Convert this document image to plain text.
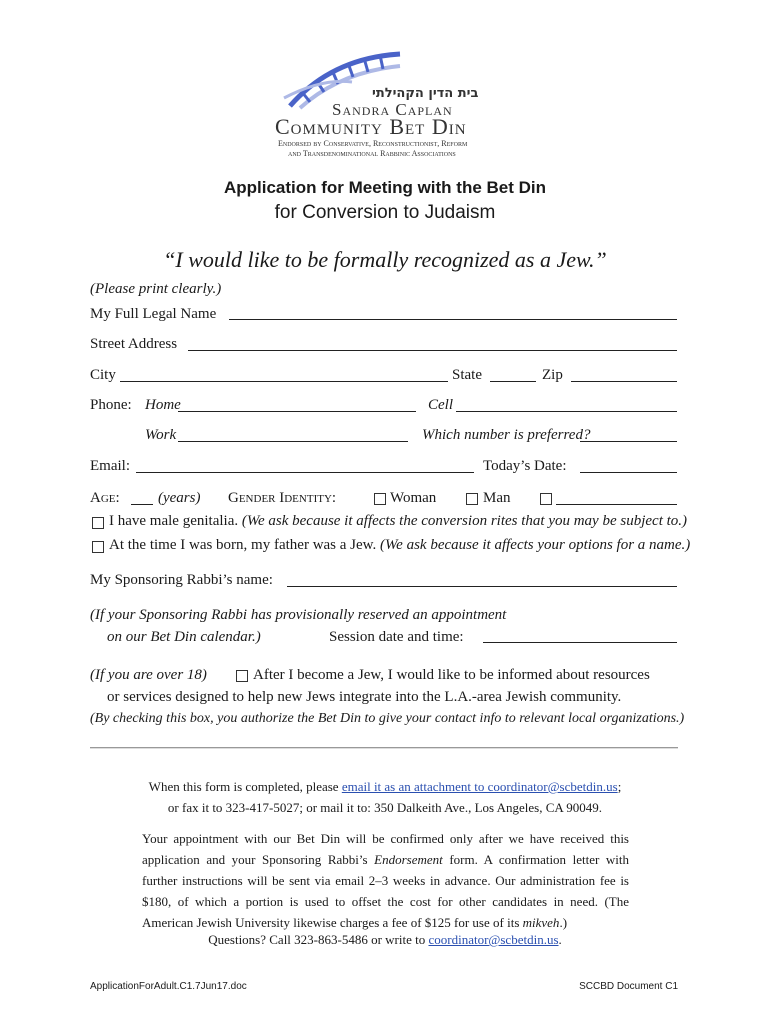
בית הדין הקהילתי
Sandra Caplan
Community Bet Din
Endorsed by Conservative, Reconstructionist, Reform
and Transdenominational Rabbinic Associations
Application for Meeting with the Bet Din
for Conversion to Judaism
“I would like to be formally recognized as a Jew.”
(Please print clearly.)
My Full Legal Name
Street Address
City	State	Zip
Phone: Home	Cell
Work	Which number is preferred?
Email:	Today’s Date:
Age:	(years) Gender Identity:	Woman	Man
I have male genitalia. (We ask because it affects the conversion rites that you may be subject to.)
At the time I was born, my father was a Jew. (We ask because it affects your options for a name.)
My Sponsoring Rabbi’s name:
(If your Sponsoring Rabbi has provisionally reserved an appointment
on our Bet Din calendar.)	Session date and time:
(If you are over 18)	After I become a Jew, I would like to be informed about resources
or services designed to help new Jews integrate into the L.A.-area Jewish community.
(By checking this box, you authorize the Bet Din to give your contact info to relevant local organizations.)
When this form is completed, please email it as an attachment to coordinator@scbetdin.us;
or fax it to 323-417-5027; or mail it to: 350 Dalkeith Ave., Los Angeles, CA 90049.

Your appointment with our Bet Din will be confirmed only after we have received this application and your Sponsoring Rabbi’s Endorsement form. A confirmation letter with further instructions will be sent via email 2–3 weeks in advance. Our administration fee is $180, of which a portion is used to offset the cost for other candidates in need. (The American Jewish University likewise charges a fee of $125 for use of its mikveh.)

Questions? Call 323-863-5486 or write to coordinator@scbetdin.us.
ApplicationForAdult.C1.7Jun17.doc	SCCBD Document C1
